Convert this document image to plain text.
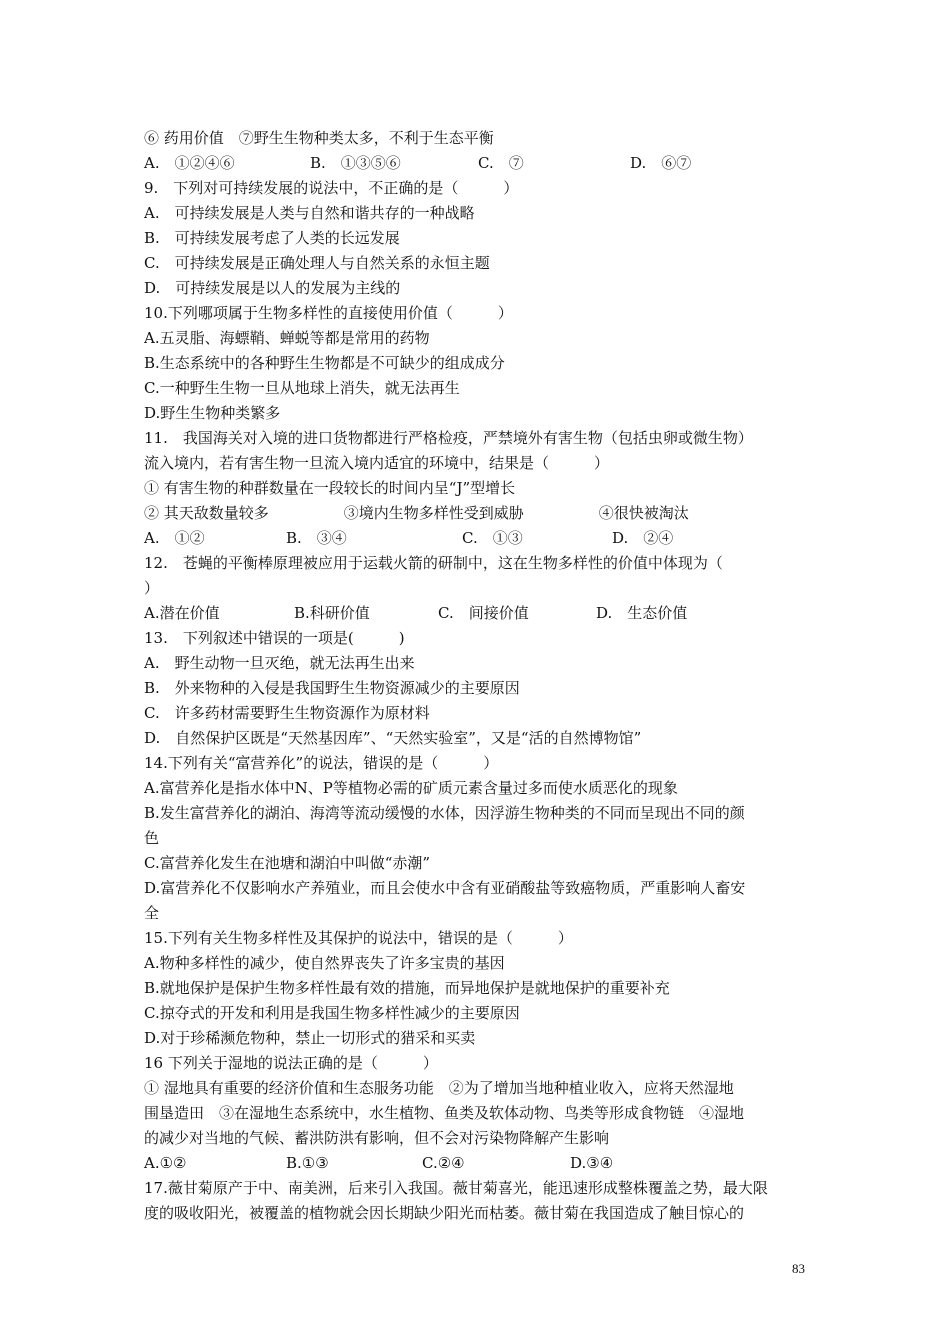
⑥ 药用价值　⑦野生生物种类太多，不利于生态平衡
A.　①②④⑥	B.　①③⑤⑥	C.　⑦	D.　⑥⑦
9.　下列对可持续发展的说法中，不正确的是（　　　）
A.　可持续发展是人类与自然和谐共存的一种战略
B.　可持续发展考虑了人类的长远发展
C.　可持续发展是正确处理人与自然关系的永恒主题
D.　可持续发展是以人的发展为主线的
10.下列哪项属于生物多样性的直接使用价值（　　　）
A.五灵脂、海螵鞘、蝉蜕等都是常用的药物
B.生态系统中的各种野生生物都是不可缺少的组成成分
C.一种野生生物一旦从地球上消失，就无法再生
D.野生生物种类繁多
11.　我国海关对入境的进口货物都进行严格检疫，严禁境外有害生物（包括虫卵或微生物）
流入境内，若有害生物一旦流入境内适宜的环境中，结果是（　　　）
① 有害生物的种群数量在一段较长的时间内呈“J”型增长
② 其天敌数量较多　　　　　③境内生物多样性受到威胁　　　　　④很快被淘汰
A.　①②	B.　③④	C.　①③	D.　②④
12.　苍蝇的平衡棒原理被应用于运载火箭的研制中，这在生物多样性的价值中体现为（
）
A.潜在价值	B.科研价值	C.　间接价值	D.　生态价值
13.　下列叙述中错误的一项是(　　　)
A.　野生动物一旦灭绝，就无法再生出来
B.　外来物种的入侵是我国野生生物资源减少的主要原因
C.　许多药材需要野生生物资源作为原材料
D.　自然保护区既是“天然基因库”、“天然实验室”，又是“活的自然博物馆”
14.下列有关“富营养化”的说法，错误的是（　　　）
A.富营养化是指水体中N、P等植物必需的矿质元素含量过多而使水质恶化的现象
B.发生富营养化的湖泊、海湾等流动缓慢的水体，因浮游生物种类的不同而呈现出不同的颜
色
C.富营养化发生在池塘和湖泊中叫做“赤潮”
D.富营养化不仅影响水产养殖业，而且会使水中含有亚硝酸盐等致癌物质，严重影响人畜安
全
15.下列有关生物多样性及其保护的说法中，错误的是（　　　）
A.物种多样性的减少，使自然界丧失了许多宝贵的基因
B.就地保护是保护生物多样性最有效的措施，而异地保护是就地保护的重要补充
C.掠夺式的开发和利用是我国生物多样性减少的主要原因
D.对于珍稀濒危物种，禁止一切形式的猎采和买卖
16 下列关于湿地的说法正确的是（　　　）
① 湿地具有重要的经济价值和生态服务功能　②为了增加当地种植业收入，应将天然湿地
围垦造田　③在湿地生态系统中，水生植物、鱼类及软体动物、鸟类等形成食物链　④湿地
的减少对当地的气候、蓄洪防洪有影响，但不会对污染物降解产生影响
A.①②	B.①③	C.②④	D.③④
17.薇甘菊原产于中、南美洲，后来引入我国。薇甘菊喜光，能迅速形成整株覆盖之势，最大限
度的吸收阳光，被覆盖的植物就会因长期缺少阳光而枯萎。薇甘菊在我国造成了触目惊心的
83
